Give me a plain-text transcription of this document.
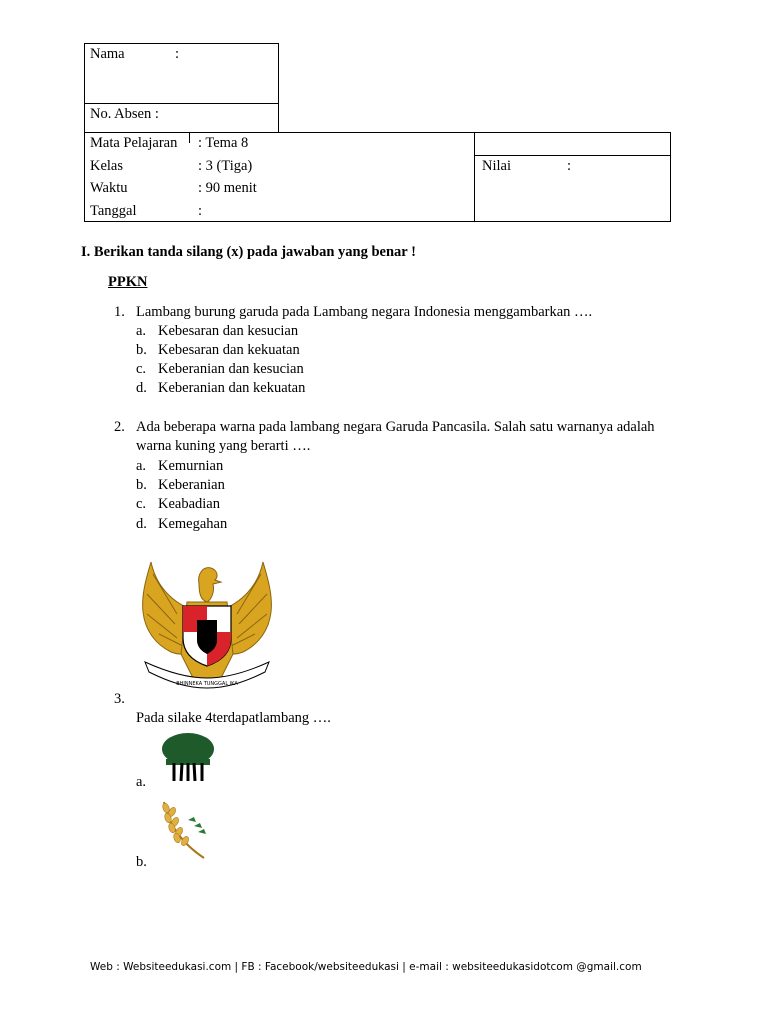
Nama	:
No. Absen :
Mata Pelajaran : Tema 8
Kelas	: 3 (Tiga)
Waktu	: 90 menit
Tanggal	:
Nilai	:
I. Berikan tanda silang (x) pada jawaban yang benar !
PPKN
1. Lambang burung garuda pada Lambang negara Indonesia menggambarkan ….
a. Kebesaran dan kesucian
b. Kebesaran dan kekuatan
c. Keberanian dan kesucian
d. Keberanian dan kekuatan
2. Ada beberapa warna pada lambang negara Garuda Pancasila. Salah satu warnanya adalah
warna kuning yang berarti ….
a. Kemurnian
b. Keberanian
c. Keabadian
d. Kemegahan
BHINNEKA TUNGGAL IKA
3.
Pada silake 4terdapatlambang ….
a.
b.
Web : Websiteedukasi.com | FB : Facebook/websiteedukasi | e-mail : websiteedukasidotcom @gmail.com
